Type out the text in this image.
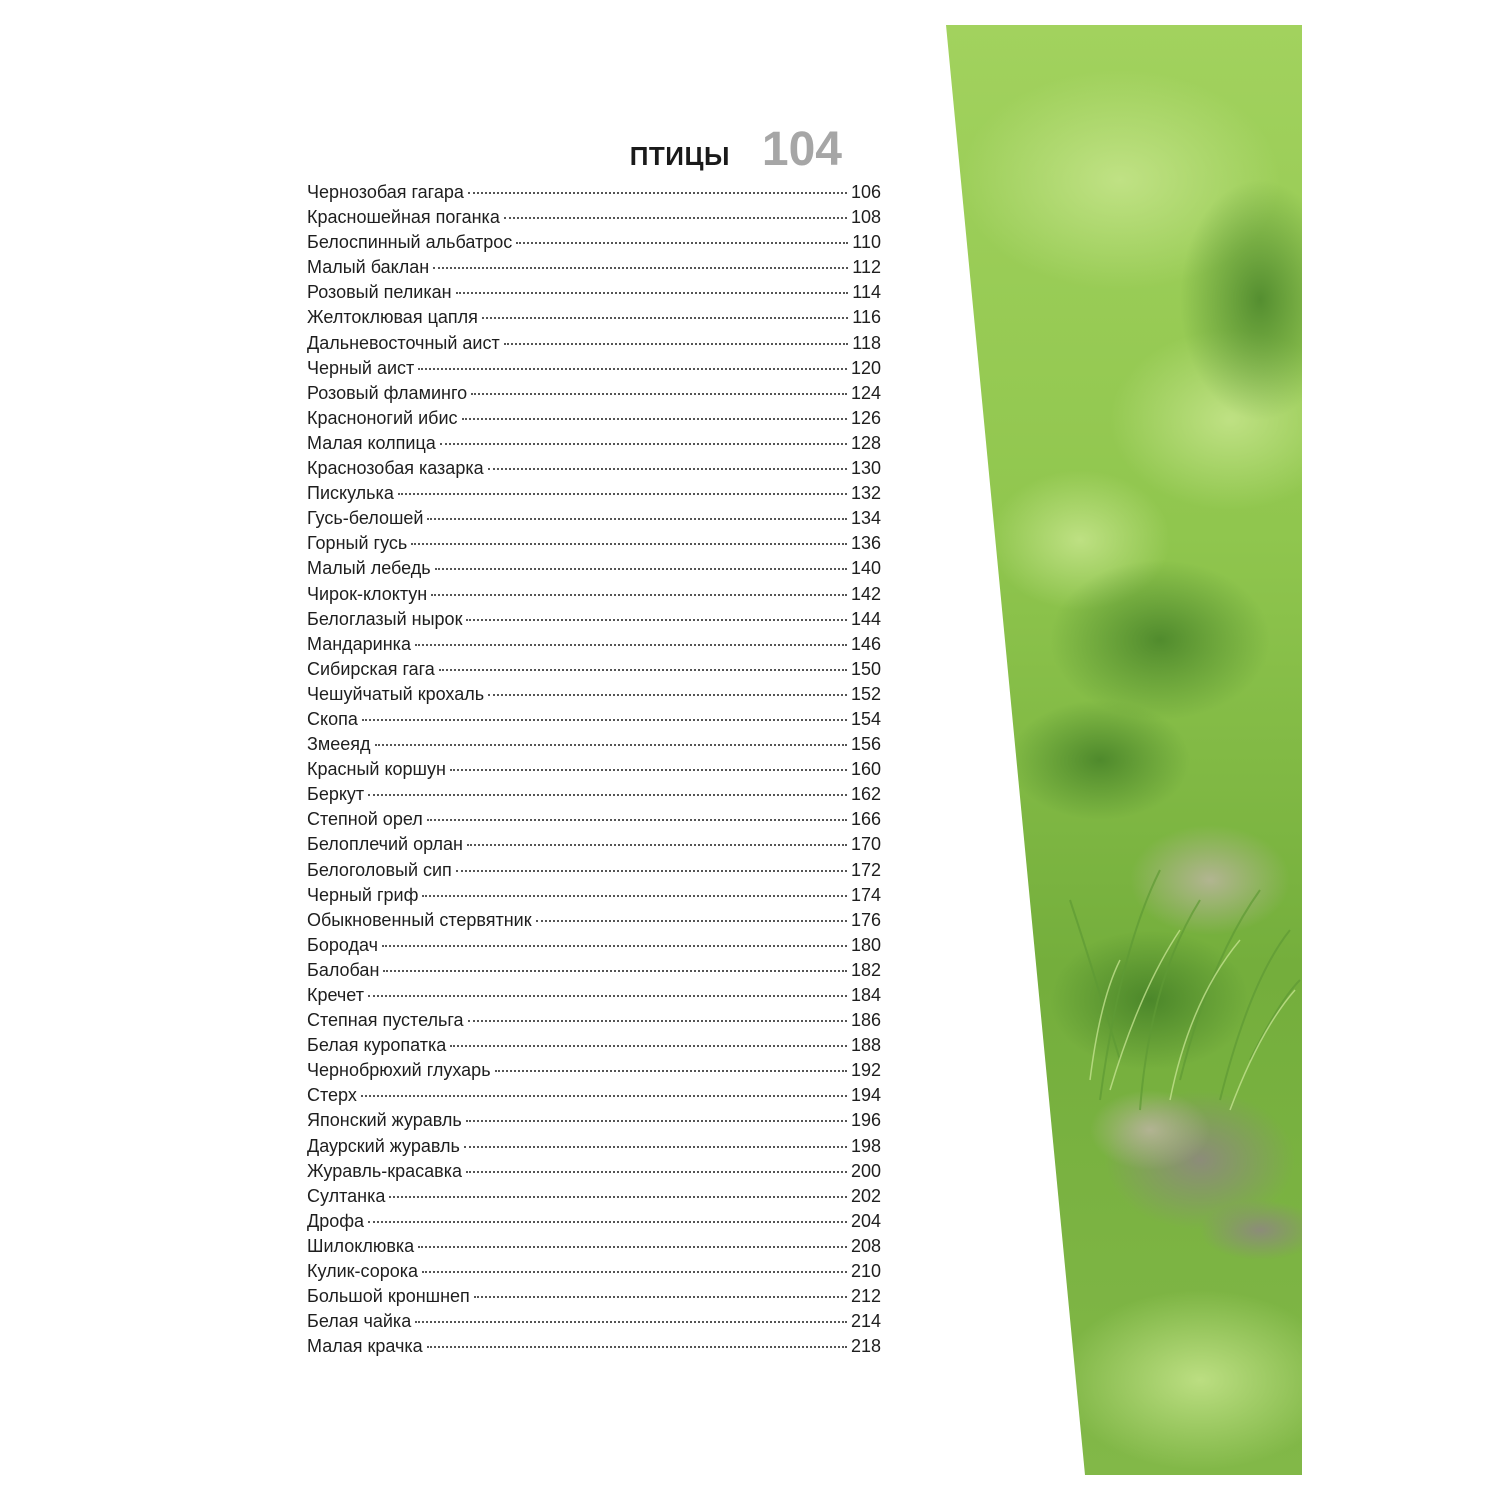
ПТИЦЫ 104
Чернозобая гагара	106
Красношейная поганка	108
Белоспинный альбатрос	110
Малый баклан	112
Розовый пеликан	114
Желтоклювая цапля	116
Дальневосточный аист	118
Черный аист	120
Розовый фламинго	124
Красноногий ибис	126
Малая колпица	128
Краснозобая казарка	130
Пискулька	132
Гусь-белошей	134
Горный гусь	136
Малый лебедь	140
Чирок-клоктун	142
Белоглазый нырок	144
Мандаринка	146
Сибирская гага	150
Чешуйчатый крохаль	152
Скопа	154
Змееяд	156
Красный коршун	160
Беркут	162
Степной орел	166
Белоплечий орлан	170
Белоголовый сип	172
Черный гриф	174
Обыкновенный стервятник	176
Бородач	180
Балобан	182
Кречет	184
Степная пустельга	186
Белая куропатка	188
Чернобрюхий глухарь	192
Стерх	194
Японский журавль	196
Даурский журавль	198
Журавль-красавка	200
Султанка	202
Дрофа	204
Шилоклювка	208
Кулик-сорока	210
Большой кроншнеп	212
Белая чайка	214
Малая крачка	218
